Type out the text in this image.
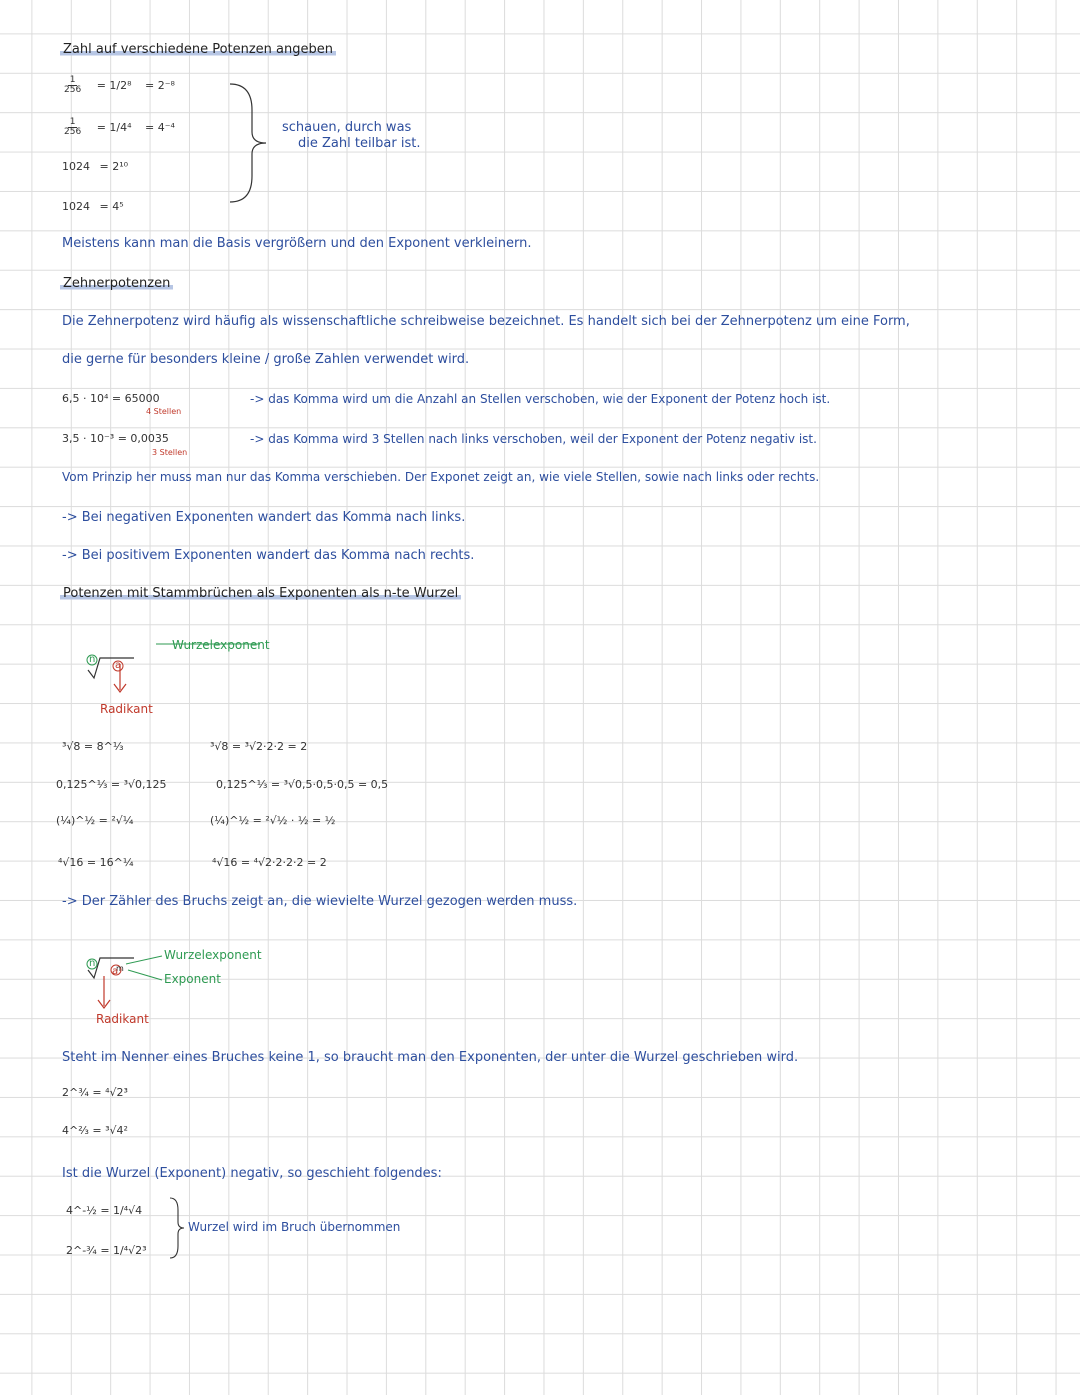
Zahl auf verschiedene Potenzen angeben
$\frac{1}{256} = 1/2^8 = 2^{-8}$
$\frac{1}{256} = 1/4^4 = 4^{-4}$
1024 = 2¹⁰
1024 = 4⁵
schauen, durch was
die Zahl teilbar ist.
Meistens kann man die Basis vergrößern und den Exponent verkleinern.
Zehnerpotenzen
Die Zehnerpotenz wird häufig als wissenschaftliche schreibweise bezeichnet. Es handelt sich bei der Zehnerpotenz um eine Form,
die gerne für besonders kleine / große Zahlen verwendet wird.
6,5 · 10⁴ = 65000
4 Stellen
-> das Komma wird um die Anzahl an Stellen verschoben, wie der Exponent der Potenz hoch ist.
3,5 · 10⁻³ = 0,0035
3 Stellen
-> das Komma wird 3 Stellen nach links verschoben, weil der Exponent der Potenz negativ ist.
Vom Prinzip her muss man nur das Komma verschieben. Der Exponet zeigt an, wie viele Stellen, sowie nach links oder rechts.
-> Bei negativen Exponenten wandert das Komma nach links.
-> Bei positivem Exponenten wandert das Komma nach rechts.
Potenzen mit Stammbrüchen als Exponenten als n-te Wurzel
n
a
Wurzelexponent
Radikant
³√8 = 8^⅓
0,125^⅓ = ³√0,125
(¼)^½ = ²√¼
⁴√16 = 16^¼
³√8 = ³√2·2·2 = 2
0,125^⅓ = ³√0,5·0,5·0,5 = 0,5
(¼)^½ = ²√½ · ½ = ½
⁴√16 = ⁴√2·2·2·2 = 2
-> Der Zähler des Bruchs zeigt an, die wievielte Wurzel gezogen werden muss.
n	m
a
Wurzelexponent
Exponent
Radikant
Steht im Nenner eines Bruches keine 1, so braucht man den Exponenten, der unter die Wurzel geschrieben wird.
2^¾ = ⁴√2³
4^⅔ = ³√4²
Ist die Wurzel (Exponent) negativ, so geschieht folgendes:
4^-½ = 1/⁴√4
2^-¾ = 1/⁴√2³
Wurzel wird im Bruch übernommen
